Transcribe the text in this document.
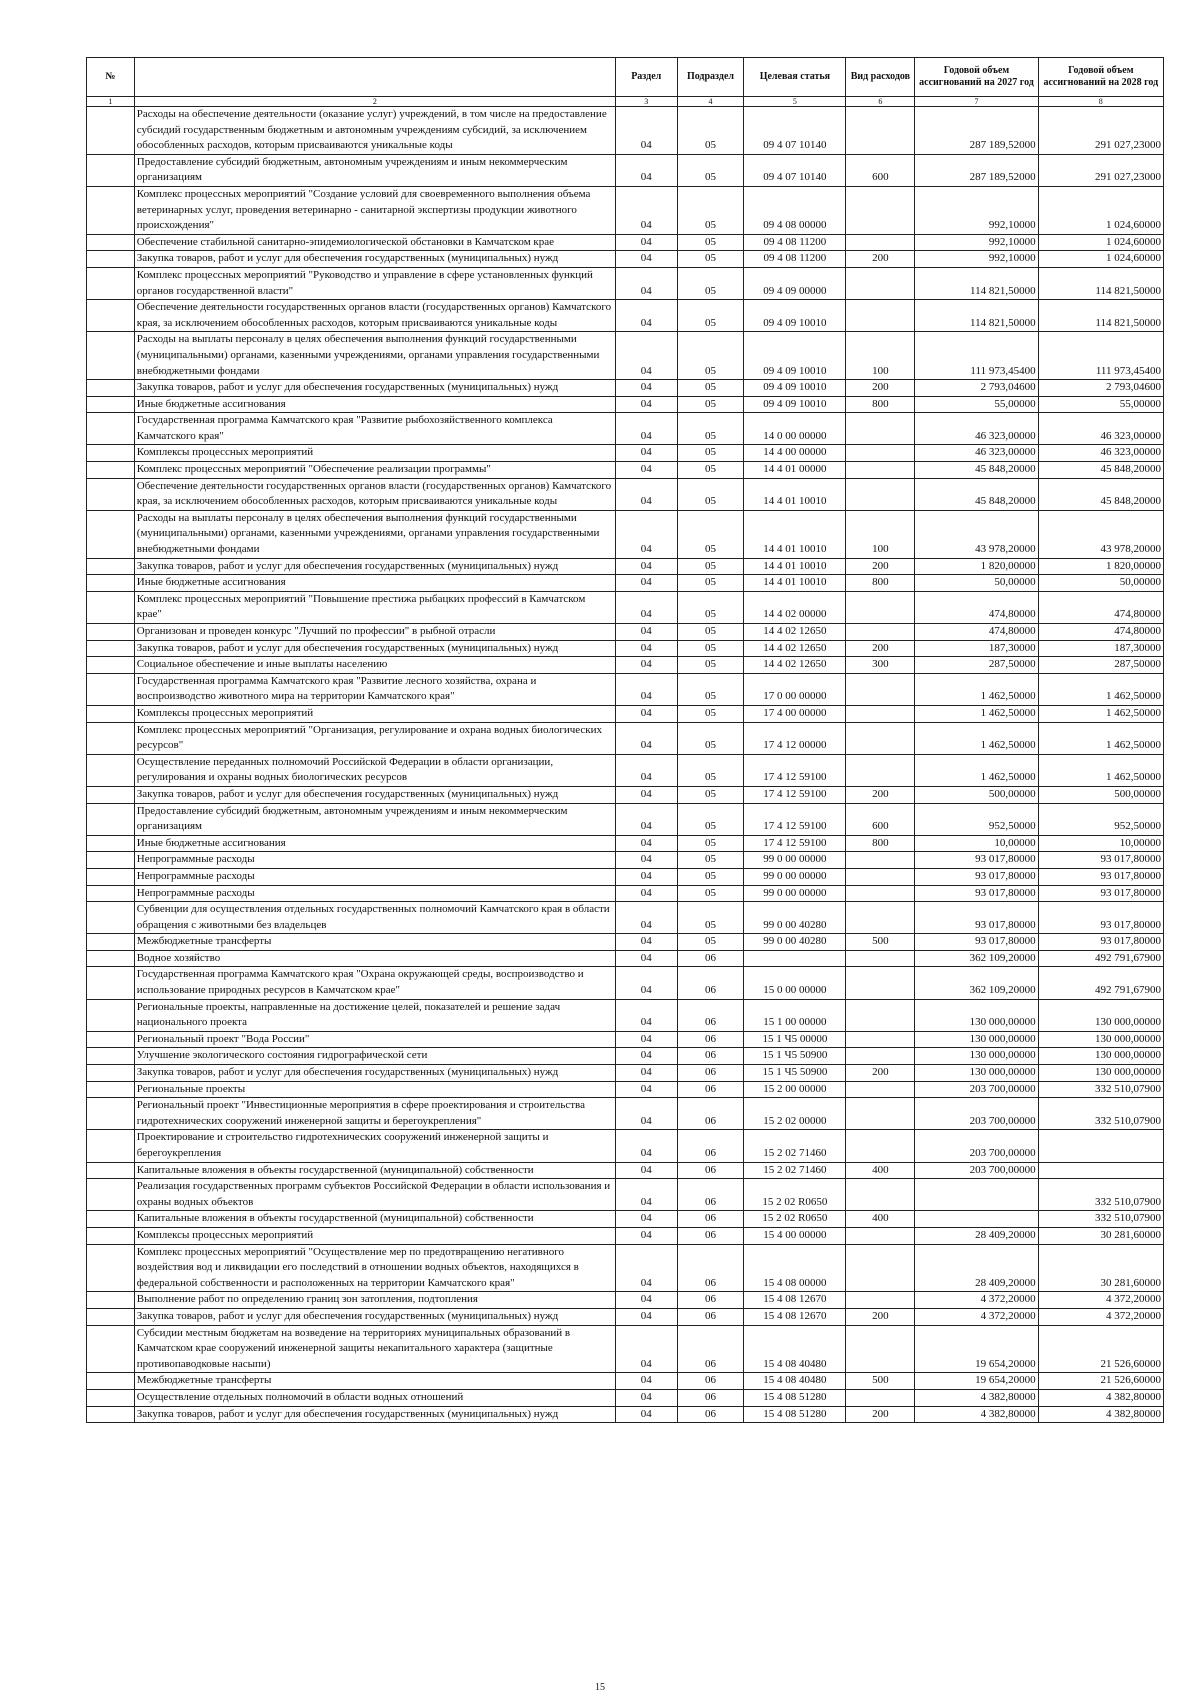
№		Раздел	Подраздел	Целевая статья	Вид расходов	Годовой объем ассигнований на 2027 год	Годовой объем ассигнований на 2028 год
1	2	3	4	5	6	7	8
	Расходы на обеспечение деятельности (оказание услуг) учреждений, в том числе на предоставление субсидий государственным бюджетным и автономным учреждениям субсидий, за исключением обособленных расходов, которым присваиваются уникальные коды	04	05	09 4 07 10140		287 189,52000	291 027,23000
	Предоставление субсидий бюджетным, автономным учреждениям и иным некоммерческим организациям	04	05	09 4 07 10140	600	287 189,52000	291 027,23000
	Комплекс процессных мероприятий "Создание условий для своевременного выполнения объема ветеринарных услуг, проведения ветеринарно - санитарной экспертизы продукции животного происхождения"	04	05	09 4 08 00000		992,10000	1 024,60000
	Обеспечение стабильной санитарно-эпидемиологической обстановки в Камчатском крае	04	05	09 4 08 11200		992,10000	1 024,60000
	Закупка товаров, работ и услуг для обеспечения государственных (муниципальных) нужд	04	05	09 4 08 11200	200	992,10000	1 024,60000
	Комплекс процессных мероприятий "Руководство и управление в сфере установленных функций органов государственной власти"	04	05	09 4 09 00000		114 821,50000	114 821,50000
	Обеспечение деятельности государственных органов власти (государственных органов) Камчатского края, за исключением обособленных расходов, которым присваиваются уникальные коды	04	05	09 4 09 10010		114 821,50000	114 821,50000
	Расходы на выплаты персоналу в целях обеспечения выполнения функций государственными (муниципальными) органами, казенными учреждениями, органами управления государственными внебюджетными фондами	04	05	09 4 09 10010	100	111 973,45400	111 973,45400
	Закупка товаров, работ и услуг для обеспечения государственных (муниципальных) нужд	04	05	09 4 09 10010	200	2 793,04600	2 793,04600
	Иные бюджетные ассигнования	04	05	09 4 09 10010	800	55,00000	55,00000
	Государственная программа Камчатского края "Развитие рыбохозяйственного комплекса Камчатского края"	04	05	14 0 00 00000		46 323,00000	46 323,00000
	Комплексы процессных мероприятий	04	05	14 4 00 00000		46 323,00000	46 323,00000
	Комплекс процессных мероприятий "Обеспечение реализации программы"	04	05	14 4 01 00000		45 848,20000	45 848,20000
	Обеспечение деятельности государственных органов власти (государственных органов) Камчатского края, за исключением обособленных расходов, которым присваиваются уникальные коды	04	05	14 4 01 10010		45 848,20000	45 848,20000
	Расходы на выплаты персоналу в целях обеспечения выполнения функций государственными (муниципальными) органами, казенными учреждениями, органами управления государственными внебюджетными фондами	04	05	14 4 01 10010	100	43 978,20000	43 978,20000
	Закупка товаров, работ и услуг для обеспечения государственных (муниципальных) нужд	04	05	14 4 01 10010	200	1 820,00000	1 820,00000
	Иные бюджетные ассигнования	04	05	14 4 01 10010	800	50,00000	50,00000
	Комплекс процессных мероприятий "Повышение престижа рыбацких профессий в Камчатском крае"	04	05	14 4 02 00000		474,80000	474,80000
	Организован и проведен конкурс "Лучший по профессии" в рыбной отрасли	04	05	14 4 02 12650		474,80000	474,80000
	Закупка товаров, работ и услуг для обеспечения государственных (муниципальных) нужд	04	05	14 4 02 12650	200	187,30000	187,30000
	Социальное обеспечение и иные выплаты населению	04	05	14 4 02 12650	300	287,50000	287,50000
	Государственная программа Камчатского края "Развитие лесного хозяйства, охрана и воспроизводство животного мира на территории Камчатского края"	04	05	17 0 00 00000		1 462,50000	1 462,50000
	Комплексы процессных мероприятий	04	05	17 4 00 00000		1 462,50000	1 462,50000
	Комплекс процессных мероприятий "Организация, регулирование и охрана водных биологических ресурсов"	04	05	17 4 12 00000		1 462,50000	1 462,50000
	Осуществление переданных полномочий Российской Федерации в области организации, регулирования и охраны водных биологических ресурсов	04	05	17 4 12 59100		1 462,50000	1 462,50000
	Закупка товаров, работ и услуг для обеспечения государственных (муниципальных) нужд	04	05	17 4 12 59100	200	500,00000	500,00000
	Предоставление субсидий бюджетным, автономным учреждениям и иным некоммерческим организациям	04	05	17 4 12 59100	600	952,50000	952,50000
	Иные бюджетные ассигнования	04	05	17 4 12 59100	800	10,00000	10,00000
	Непрограммные расходы	04	05	99 0 00 00000		93 017,80000	93 017,80000
	Непрограммные расходы	04	05	99 0 00 00000		93 017,80000	93 017,80000
	Непрограммные расходы	04	05	99 0 00 00000		93 017,80000	93 017,80000
	Субвенции для осуществления отдельных государственных полномочий Камчатского края в области обращения с животными без владельцев	04	05	99 0 00 40280		93 017,80000	93 017,80000
	Межбюджетные трансферты	04	05	99 0 00 40280	500	93 017,80000	93 017,80000
	Водное хозяйство	04	06			362 109,20000	492 791,67900
	Государственная программа Камчатского края "Охрана окружающей среды, воспроизводство и использование природных ресурсов в Камчатском крае"	04	06	15 0 00 00000		362 109,20000	492 791,67900
	Региональные проекты, направленные на достижение целей, показателей и решение задач национального проекта	04	06	15 1 00 00000		130 000,00000	130 000,00000
	Региональный проект "Вода России"	04	06	15 1 Ч5 00000		130 000,00000	130 000,00000
	Улучшение экологического состояния гидрографической сети	04	06	15 1 Ч5 50900		130 000,00000	130 000,00000
	Закупка товаров, работ и услуг для обеспечения государственных (муниципальных) нужд	04	06	15 1 Ч5 50900	200	130 000,00000	130 000,00000
	Региональные проекты	04	06	15 2 00 00000		203 700,00000	332 510,07900
	Региональный проект "Инвестиционные мероприятия в сфере проектирования и строительства гидротехнических сооружений инженерной защиты и берегоукрепления"	04	06	15 2 02 00000		203 700,00000	332 510,07900
	Проектирование и строительство гидротехнических сооружений инженерной защиты и берегоукрепления	04	06	15 2 02 71460		203 700,00000	
	Капитальные вложения в объекты государственной (муниципальной) собственности	04	06	15 2 02 71460	400	203 700,00000	
	Реализация государственных программ субъектов Российской Федерации в области использования и охраны водных объектов	04	06	15 2 02 R0650			332 510,07900
	Капитальные вложения в объекты государственной (муниципальной) собственности	04	06	15 2 02 R0650	400		332 510,07900
	Комплексы процессных мероприятий	04	06	15 4 00 00000		28 409,20000	30 281,60000
	Комплекс процессных мероприятий "Осуществление мер по предотвращению негативного воздействия вод и ликвидации его последствий в отношении водных объектов, находящихся в федеральной собственности и расположенных на территории Камчатского края"	04	06	15 4 08 00000		28 409,20000	30 281,60000
	Выполнение работ по определению границ зон затопления, подтопления	04	06	15 4 08 12670		4 372,20000	4 372,20000
	Закупка товаров, работ и услуг для обеспечения государственных (муниципальных) нужд	04	06	15 4 08 12670	200	4 372,20000	4 372,20000
	Субсидии местным бюджетам на возведение на территориях муниципальных образований в Камчатском крае сооружений инженерной защиты некапитального характера (защитные противопаводковые насыпи)	04	06	15 4 08 40480		19 654,20000	21 526,60000
	Межбюджетные трансферты	04	06	15 4 08 40480	500	19 654,20000	21 526,60000
	Осуществление отдельных полномочий в области водных отношений	04	06	15 4 08 51280		4 382,80000	4 382,80000
	Закупка товаров, работ и услуг для обеспечения государственных (муниципальных) нужд	04	06	15 4 08 51280	200	4 382,80000	4 382,80000
15
